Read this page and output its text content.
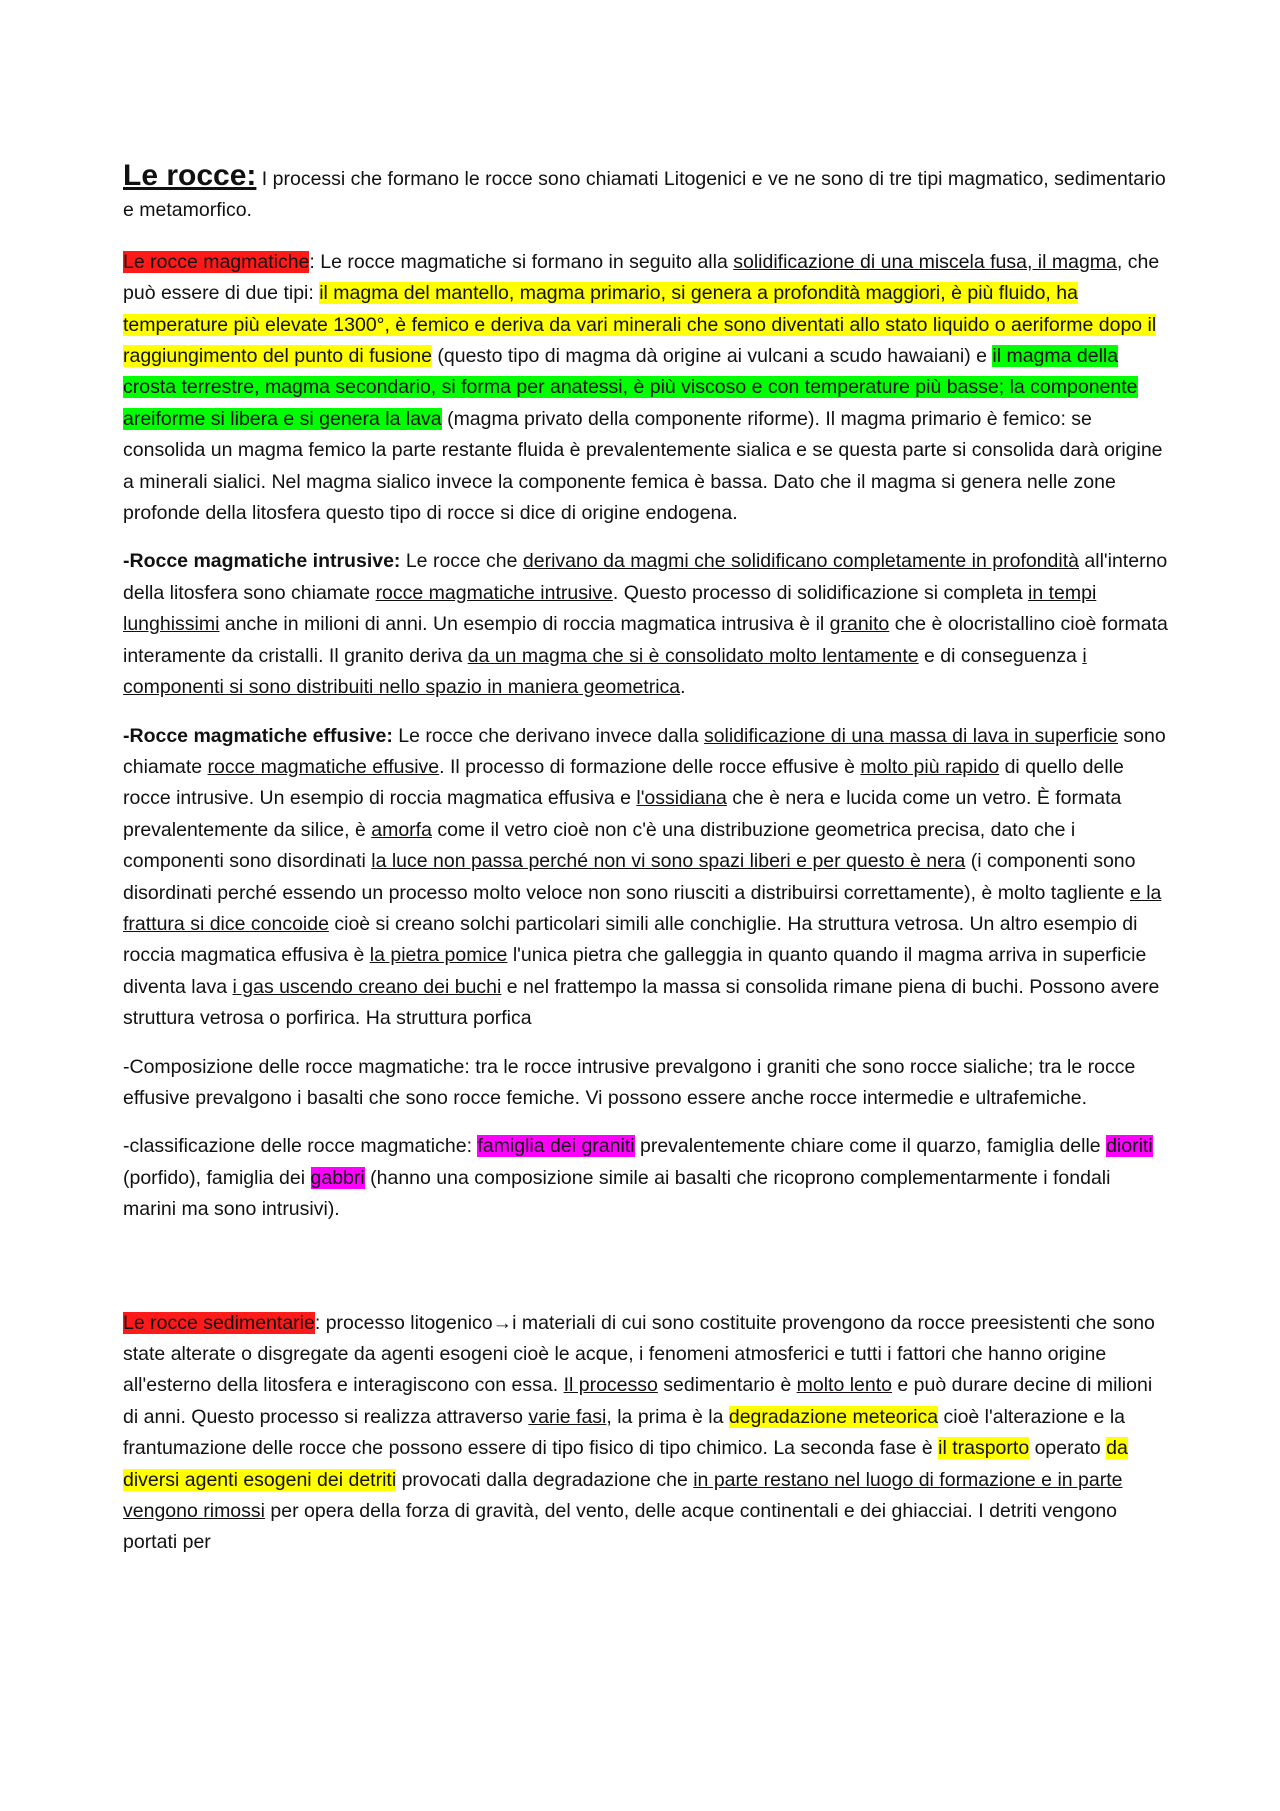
Le rocce: I processi che formano le rocce sono chiamati Litogenici e ve ne sono di tre tipi magmatico, sedimentario e metamorfico.

Le rocce magmatiche: Le rocce magmatiche si formano in seguito alla solidificazione di una miscela fusa, il magma, che può essere di due tipi: il magma del mantello, magma primario, si genera a profondità maggiori, è più fluido, ha temperature più elevate 1300°, è femico e deriva da vari minerali che sono diventati allo stato liquido o aeriforme dopo il raggiungimento del punto di fusione (questo tipo di magma dà origine ai vulcani a scudo hawaiani) e il magma della crosta terrestre, magma secondario, si forma per anatessi, è più viscoso e con temperature più basse; la componente areiforme si libera e si genera la lava (magma privato della componente riforme). Il magma primario è femico: se consolida un magma femico la parte restante fluida è prevalentemente sialica e se questa parte si consolida darà origine a minerali sialici. Nel magma sialico invece la componente femica è bassa. Dato che il magma si genera nelle zone profonde della litosfera questo tipo di rocce si dice di origine endogena.

-Rocce magmatiche intrusive: Le rocce che derivano da magmi che solidificano completamente in profondità all'interno della litosfera sono chiamate rocce magmatiche intrusive. Questo processo di solidificazione si completa in tempi lunghissimi anche in milioni di anni. Un esempio di roccia magmatica intrusiva è il granito che è olocristallino cioè formata interamente da cristalli. Il granito deriva da un magma che si è consolidato molto lentamente e di conseguenza i componenti si sono distribuiti nello spazio in maniera geometrica.

-Rocce magmatiche effusive: Le rocce che derivano invece dalla solidificazione di una massa di lava in superficie sono chiamate rocce magmatiche effusive. Il processo di formazione delle rocce effusive è molto più rapido di quello delle rocce intrusive. Un esempio di roccia magmatica effusiva e l'ossidiana che è nera e lucida come un vetro. È formata prevalentemente da silice, è amorfa come il vetro cioè non c'è una distribuzione geometrica precisa, dato che i componenti sono disordinati la luce non passa perché non vi sono spazi liberi e per questo è nera (i componenti sono disordinati perché essendo un processo molto veloce non sono riusciti a distribuirsi correttamente), è molto tagliente e la frattura si dice concoide cioè si creano solchi particolari simili alle conchiglie. Ha struttura vetrosa. Un altro esempio di roccia magmatica effusiva è la pietra pomice l'unica pietra che galleggia in quanto quando il magma arriva in superficie diventa lava i gas uscendo creano dei buchi e nel frattempo la massa si consolida rimane piena di buchi. Possono avere struttura vetrosa o porfirica. Ha struttura porfica

-Composizione delle rocce magmatiche: tra le rocce intrusive prevalgono i graniti che sono rocce sialiche; tra le rocce effusive prevalgono i basalti che sono rocce femiche. Vi possono essere anche rocce intermedie e ultrafemiche.

-classificazione delle rocce magmatiche: famiglia dei graniti prevalentemente chiare come il quarzo, famiglia delle dioriti (porfido), famiglia dei gabbri (hanno una composizione simile ai basalti che ricoprono complementarmente i fondali marini ma sono intrusivi).

Le rocce sedimentarie: processo litogenico→i materiali di cui sono costituite provengono da rocce preesistenti che sono state alterate o disgregate da agenti esogeni cioè le acque, i fenomeni atmosferici e tutti i fattori che hanno origine all'esterno della litosfera e interagiscono con essa. Il processo sedimentario è molto lento e può durare decine di milioni di anni. Questo processo si realizza attraverso varie fasi, la prima è la degradazione meteorica cioè l'alterazione e la frantumazione delle rocce che possono essere di tipo fisico di tipo chimico. La seconda fase è il trasporto operato da diversi agenti esogeni dei detriti provocati dalla degradazione che in parte restano nel luogo di formazione e in parte vengono rimossi per opera della forza di gravità, del vento, delle acque continentali e dei ghiacciai. I detriti vengono portati per
